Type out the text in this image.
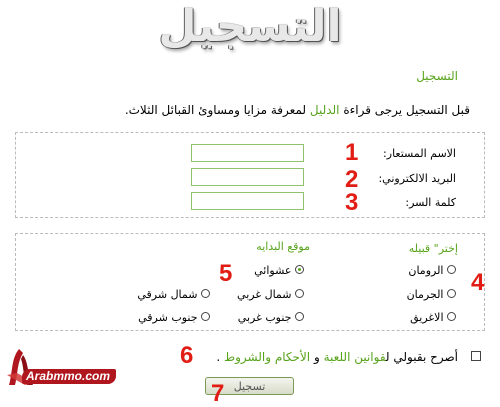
التسجيل
التسجيل
قبل التسجيل يرجى قراءة الدليل لمعرفة مزايا ومساوئ القبائل الثلاث.
الاسم المستعار:
1
البريد الالكتروني:
2
كلمة السر:
3
إختر" قبيله
موقع البدايه
الرومان
الجرمان
الاغريق
4
5 عشوائي
شمال غربي
شمال شرقي
جنوب غربي
جنوب شرقي
أصرح بقبولي لقوانين اللعبة و الأحكام والشروط .
6
تسجيل
7
Arabmmo.com
